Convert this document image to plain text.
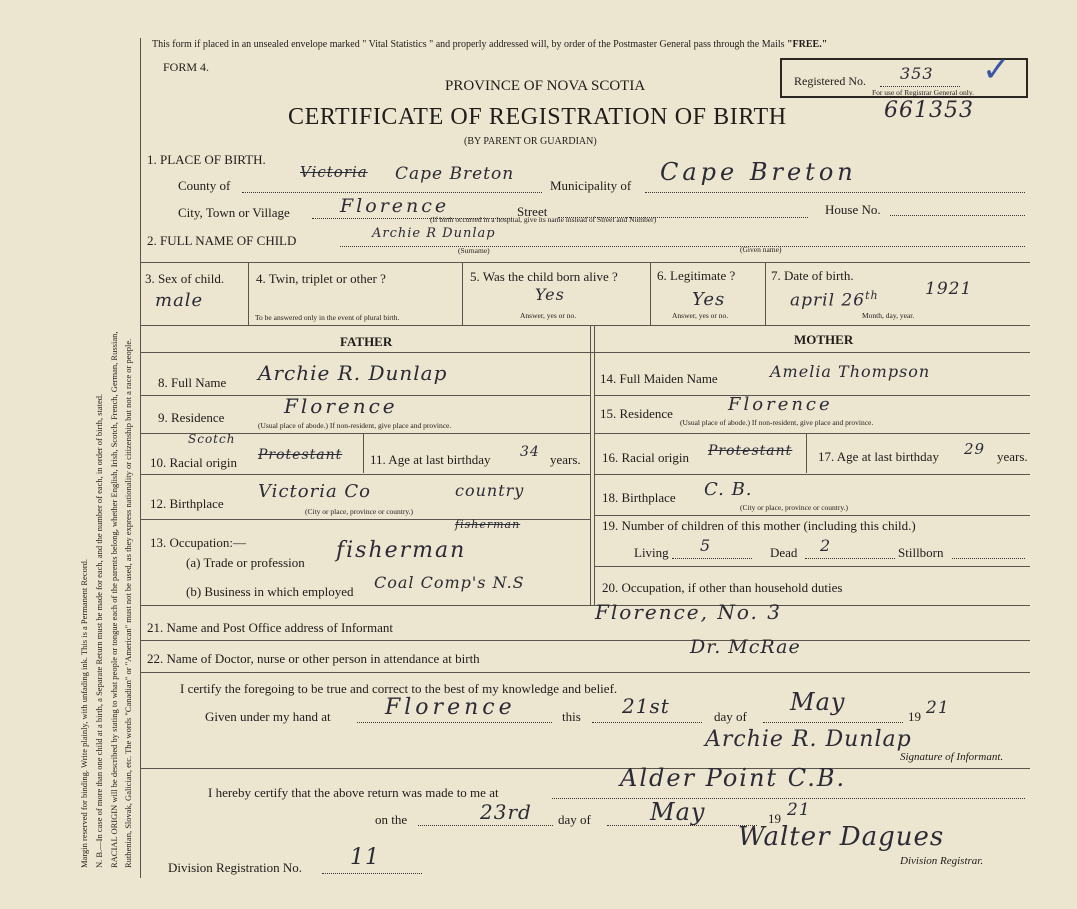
Margin reserved for binding. Write plainly, with unfading ink. This is a Permanent Record. N. B.—In case of more than one child at a birth, a Separate Return must be made for each, and the number of each, in order of birth, stated. RACIAL ORIGIN will be described by stating to what people or tongue each of the parents belong, whether English, Irish, Scotch, French, German, Russian, Ruthenian, Slovak, Galician, etc. The words "Canadian" or "American" must not be used, as they express nationality or citizenship but not a race or people.
This form if placed in an unsealed envelope marked " Vital Statistics " and properly addressed will, by order of the Postmaster General pass through the Mails "FREE."
FORM 4.
PROVINCE OF NOVA SCOTIA	Registered No. 353
For use of Registrar General only.
✓
CERTIFICATE OF REGISTRATION OF BIRTH	661353
(BY PARENT OR GUARDIAN)
1. PLACE OF BIRTH.
County of
Victoria Cape Breton
Municipality of Cape Breton
City, Town or Village	Florence	Street
(If birth occurred in a hospital, give its name instead of Street and Number)
House No.
2. FULL NAME OF CHILD	Archie R Dunlap
(Surname)	(Given name)
3. Sex of child.
male
4. Twin, triplet or other ?
To be answered only in the event of plural birth.
5. Was the child born alive ?
Yes
Answer, yes or no.
6. Legitimate ?
Yes
Answer, yes or no.
7. Date of birth.
april 26th	1921
Month, day, year.
FATHER	MOTHER
8. Full Name Archie R. Dunlap
9. Residence	Florence
(Usual place of abode.) If non-resident, give place and province.
Scotch
10. Racial origin Protestant 11. Age at last birthday 34 years.
12. Birthplace
Victoria Co	country
(City or place, province or country.)
13. Occupation:—
fisherman
(a) Trade or profession fisherman
(b) Business in which employed Coal Comp's N.S
14. Full Maiden Name	Amelia Thompson
15. Residence	Florence
(Usual place of abode.) If non-resident, give place and province.
16. Racial origin Protestant 17. Age at last birthday 29 years.
18. Birthplace C. B.
(City or place, province or country.)
19. Number of children of this mother (including this child.)
Living 5	Dead 2	Stillborn
20. Occupation, if other than household duties
21. Name and Post Office address of Informant
Florence, No. 3
22. Name of Doctor, nurse or other person in attendance at birth
Dr. McRae
I certify the foregoing to be true and correct to the best of my knowledge and belief.
Given under my hand at Florence	this 21st	day of
May
19 21
Archie R. Dunlap
Signature of Informant.
I hereby certify that the above return was made to me at
Alder Point C.B.
on the	23rd day of May	19 21
Walter Dagues
Division Registrar.
Division Registration No. 11
